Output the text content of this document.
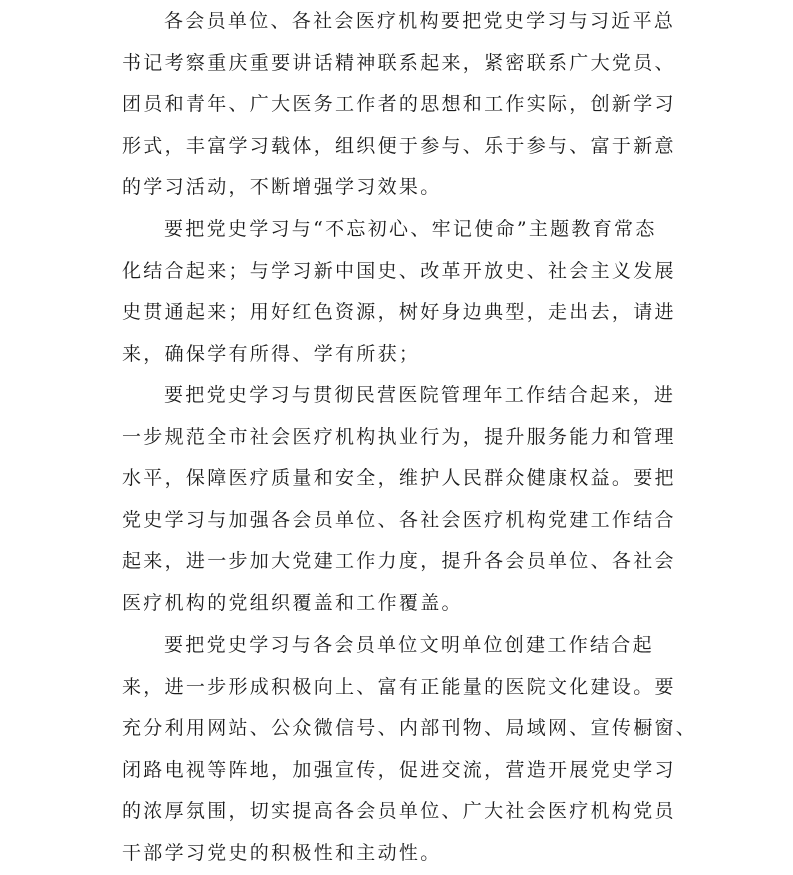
各会员单位、各社会医疗机构要把党史学习与习近平总
书记考察重庆重要讲话精神联系起来，紧密联系广大党员、
团员和青年、广大医务工作者的思想和工作实际，创新学习
形式，丰富学习载体，组织便于参与、乐于参与、富于新意
的学习活动，不断增强学习效果。

要把党史学习与“不忘初心、牢记使命”主题教育常态
化结合起来；与学习新中国史、改革开放史、社会主义发展
史贯通起来；用好红色资源，树好身边典型，走出去，请进
来，确保学有所得、学有所获；

要把党史学习与贯彻民营医院管理年工作结合起来，进
一步规范全市社会医疗机构执业行为，提升服务能力和管理
水平，保障医疗质量和安全，维护人民群众健康权益。要把
党史学习与加强各会员单位、各社会医疗机构党建工作结合
起来，进一步加大党建工作力度，提升各会员单位、各社会
医疗机构的党组织覆盖和工作覆盖。

要把党史学习与各会员单位文明单位创建工作结合起
来，进一步形成积极向上、富有正能量的医院文化建设。要
充分利用网站、公众微信号、内部刊物、局域网、宣传橱窗、
闭路电视等阵地，加强宣传，促进交流，营造开展党史学习
的浓厚氛围，切实提高各会员单位、广大社会医疗机构党员
干部学习党史的积极性和主动性。
